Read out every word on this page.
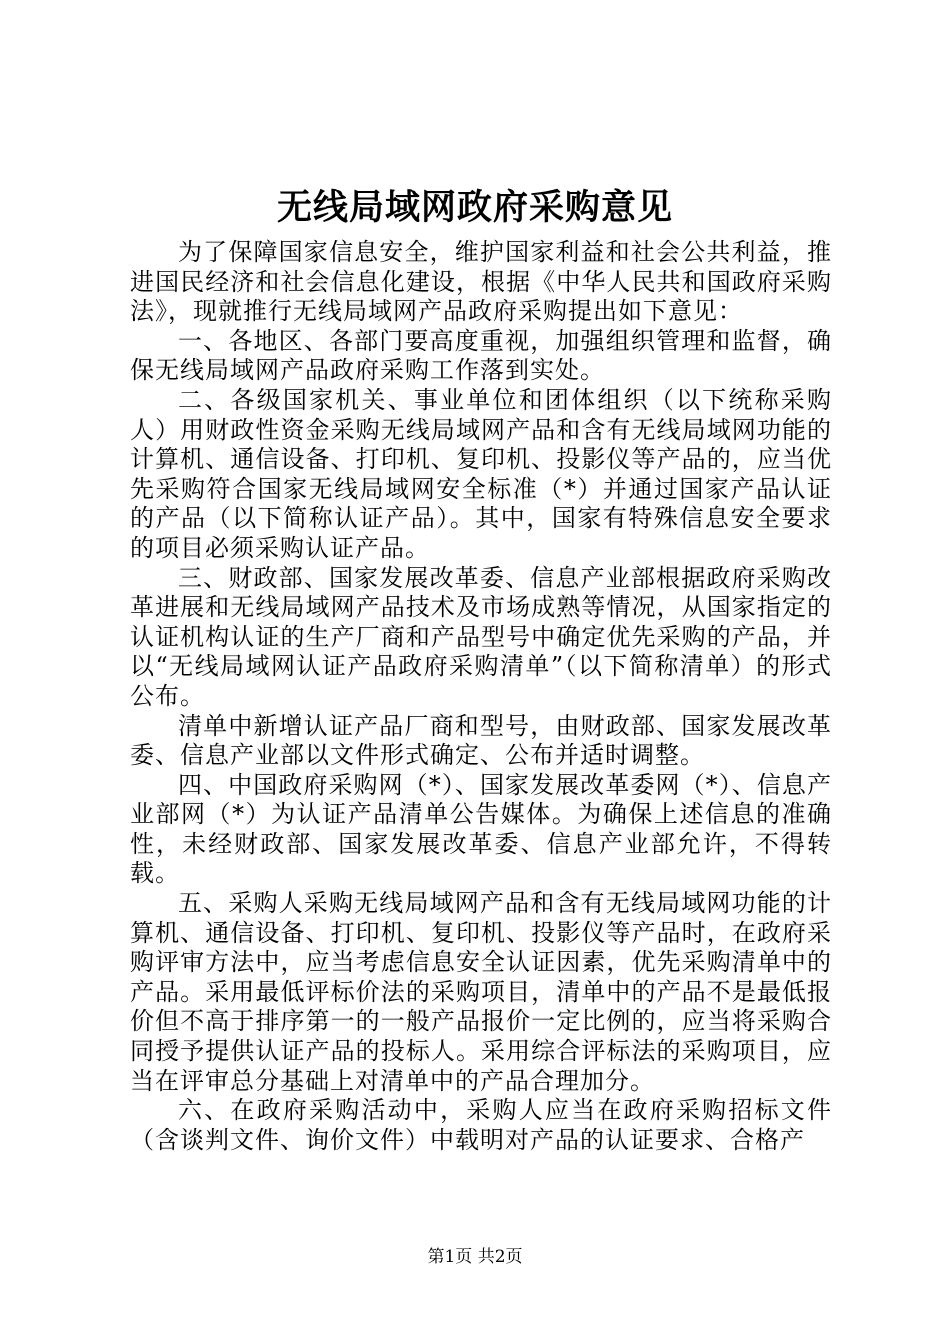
无线局域网政府采购意见

为了保障国家信息安全，维护国家利益和社会公共利益，推进国民经济和社会信息化建设，根据《中华人民共和国政府采购法》，现就推行无线局域网产品政府采购提出如下意见：

一、各地区、各部门要高度重视，加强组织管理和监督，确保无线局域网产品政府采购工作落到实处。

二、各级国家机关、事业单位和团体组织（以下统称采购人）用财政性资金采购无线局域网产品和含有无线局域网功能的计算机、通信设备、打印机、复印机、投影仪等产品的，应当优先采购符合国家无线局域网安全标准（*）并通过国家产品认证的产品（以下简称认证产品）。其中，国家有特殊信息安全要求的项目必须采购认证产品。

三、财政部、国家发展改革委、信息产业部根据政府采购改革进展和无线局域网产品技术及市场成熟等情况，从国家指定的认证机构认证的生产厂商和产品型号中确定优先采购的产品，并以“无线局域网认证产品政府采购清单”（以下简称清单）的形式公布。

清单中新增认证产品厂商和型号，由财政部、国家发展改革委、信息产业部以文件形式确定、公布并适时调整。

四、中国政府采购网（*）、国家发展改革委网（*）、信息产业部网（*）为认证产品清单公告媒体。为确保上述信息的准确性，未经财政部、国家发展改革委、信息产业部允许，不得转载。

五、采购人采购无线局域网产品和含有无线局域网功能的计算机、通信设备、打印机、复印机、投影仪等产品时，在政府采购评审方法中，应当考虑信息安全认证因素，优先采购清单中的产品。采用最低评标价法的采购项目，清单中的产品不是最低报价但不高于排序第一的一般产品报价一定比例的，应当将采购合同授予提供认证产品的投标人。采用综合评标法的采购项目，应当在评审总分基础上对清单中的产品合理加分。

六、在政府采购活动中，采购人应当在政府采购招标文件（含谈判文件、询价文件）中载明对产品的认证要求、合格产

第1页 共2页
